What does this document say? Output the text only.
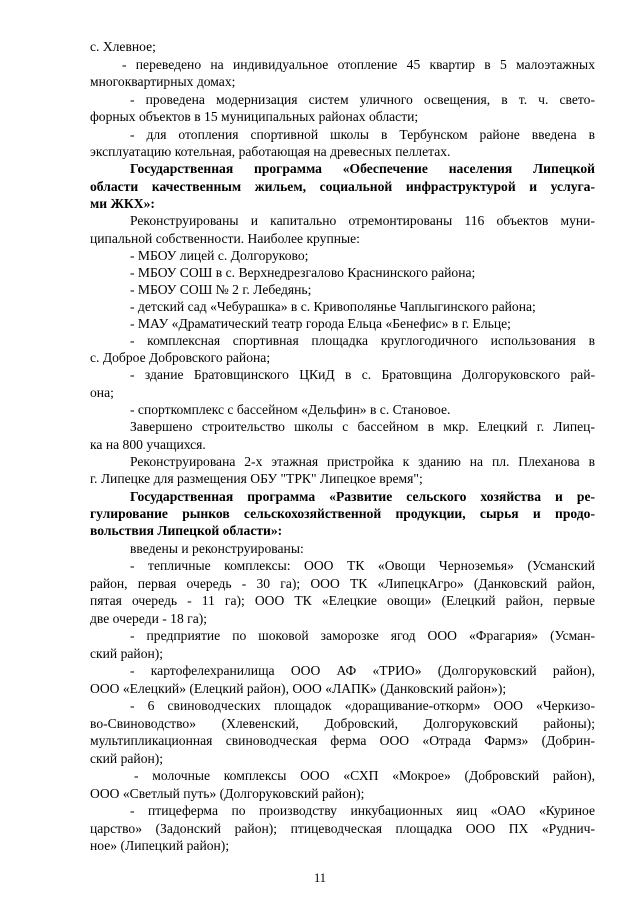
с. Хлевное;
- переведено на индивидуальное отопление 45 квартир в 5 малоэтажных
многоквартирных домах;
- проведена модернизация систем уличного освещения, в т. ч. свето-
форных объектов в 15 муниципальных районах области;
- для отопления спортивной школы в Тербунском районе введена в
эксплуатацию котельная, работающая на древесных пеллетах.
Государственная программа «Обеспечение населения Липецкой
области качественным жильем, социальной инфраструктурой и услуга-
ми ЖКХ»:
Реконструированы и капитально отремонтированы 116 объектов муни-
ципальной собственности. Наиболее крупные:
- МБОУ лицей с. Долгоруково;
- МБОУ СОШ в с. Верхнедрезгалово Краснинского района;
- МБОУ СОШ № 2 г. Лебедянь;
- детский сад «Чебурашка» в с. Кривополянье Чаплыгинского района;
- МАУ «Драматический театр города Ельца «Бенефис» в г. Ельце;
- комплексная спортивная площадка круглогодичного использования в
с. Доброе Добровского района;
- здание Братовщинского ЦКиД в с. Братовщина Долгоруковского рай-
она;
- спорткомплекс с бассейном «Дельфин» в с. Становое.
Завершено строительство школы с бассейном в мкр. Елецкий г. Липец-
ка на 800 учащихся.
Реконструирована 2-х этажная пристройка к зданию на пл. Плеханова в
г. Липецке для размещения ОБУ "ТРК" Липецкое время";
Государственная программа «Развитие сельского хозяйства и ре-
гулирование рынков сельскохозяйственной продукции, сырья и продо-
вольствия Липецкой области»:
введены и реконструированы:
- тепличные комплексы: ООО ТК «Овощи Черноземья» (Усманский
район, первая очередь - 30 га); ООО ТК «ЛипецкАгро» (Данковский район,
пятая очередь - 11 га); ООО ТК «Елецкие овощи» (Елецкий район, первые
две очереди - 18 га);
- предприятие по шоковой заморозке ягод ООО «Фрагария» (Усман-
ский район);
- картофелехранилища ООО АФ «ТРИО» (Долгоруковский район),
ООО «Елецкий» (Елецкий район), ООО «ЛАПК» (Данковский район»);
- 6 свиноводческих площадок «доращивание-откорм» ООО «Черкизо-
во-Свиноводство» (Хлевенский, Добровский, Долгоруковский районы);
мультипликационная свиноводческая ферма ООО «Отрада Фармз» (Добрин-
ский район);
- молочные комплексы ООО «СХП «Мокрое» (Добровский район),
ООО «Светлый путь» (Долгоруковский район);
- птицеферма по производству инкубационных яиц «ОАО «Куриное
царство» (Задонский район); птицеводческая площадка ООО ПХ «Руднич-
ное» (Липецкий район);
11
